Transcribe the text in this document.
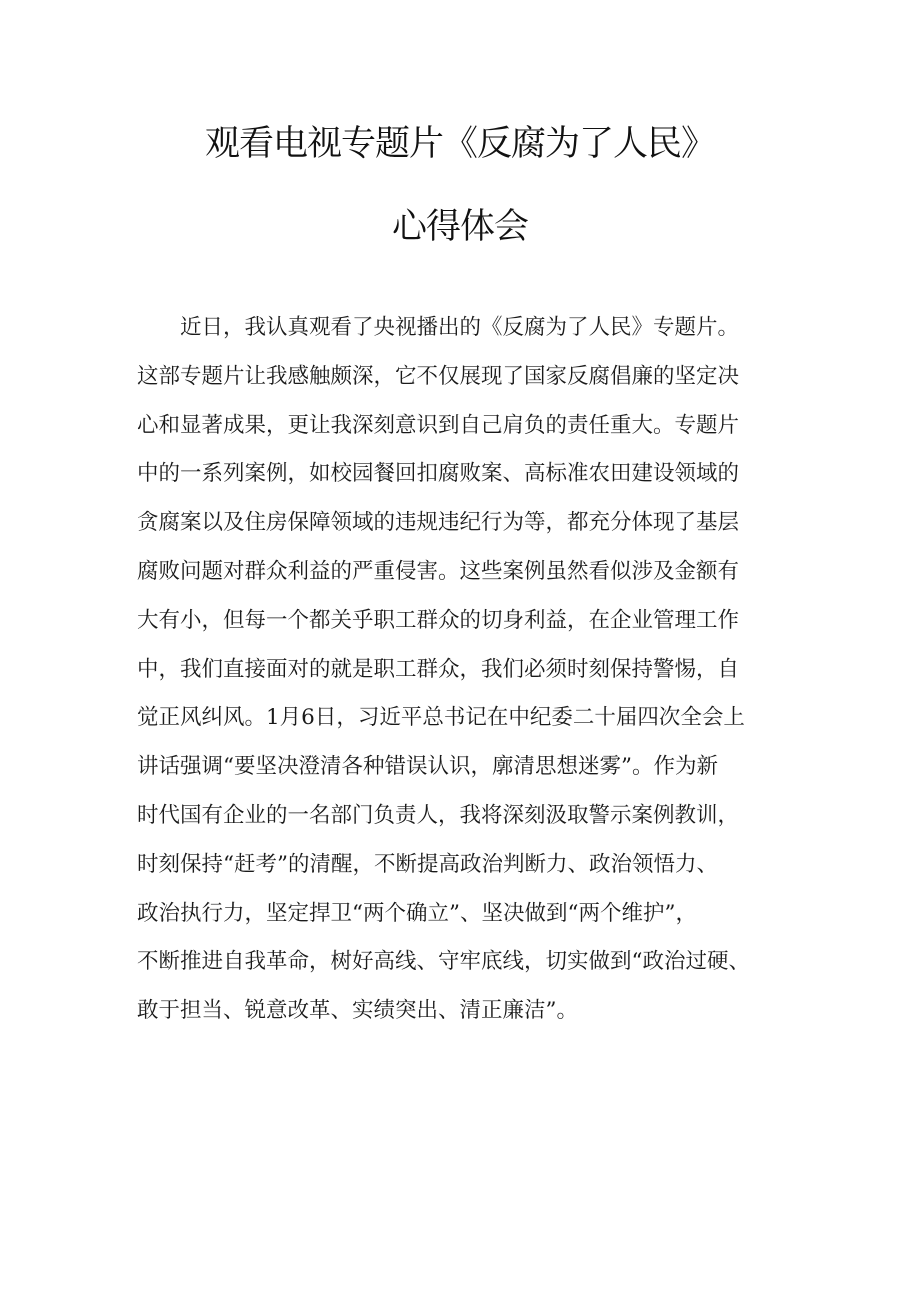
观看电视专题片《反腐为了人民》
心得体会
　　近日，我认真观看了央视播出的《反腐为了人民》专题片。
这部专题片让我感触颇深，它不仅展现了国家反腐倡廉的坚定决
心和显著成果，更让我深刻意识到自己肩负的责任重大。专题片
中的一系列案例，如校园餐回扣腐败案、高标准农田建设领域的
贪腐案以及住房保障领域的违规违纪行为等，都充分体现了基层
腐败问题对群众利益的严重侵害。这些案例虽然看似涉及金额有
大有小，但每一个都关乎职工群众的切身利益，在企业管理工作
中，我们直接面对的就是职工群众，我们必须时刻保持警惕，自
觉正风纠风。1月6日，习近平总书记在中纪委二十届四次全会上
讲话强调“要坚决澄清各种错误认识，廓清思想迷雾”。作为新
时代国有企业的一名部门负责人，我将深刻汲取警示案例教训，
时刻保持“赶考”的清醒，不断提高政治判断力、政治领悟力、
政治执行力，坚定捍卫“两个确立”、坚决做到“两个维护”，
不断推进自我革命，树好高线、守牢底线，切实做到“政治过硬、
敢于担当、锐意改革、实绩突出、清正廉洁”。
